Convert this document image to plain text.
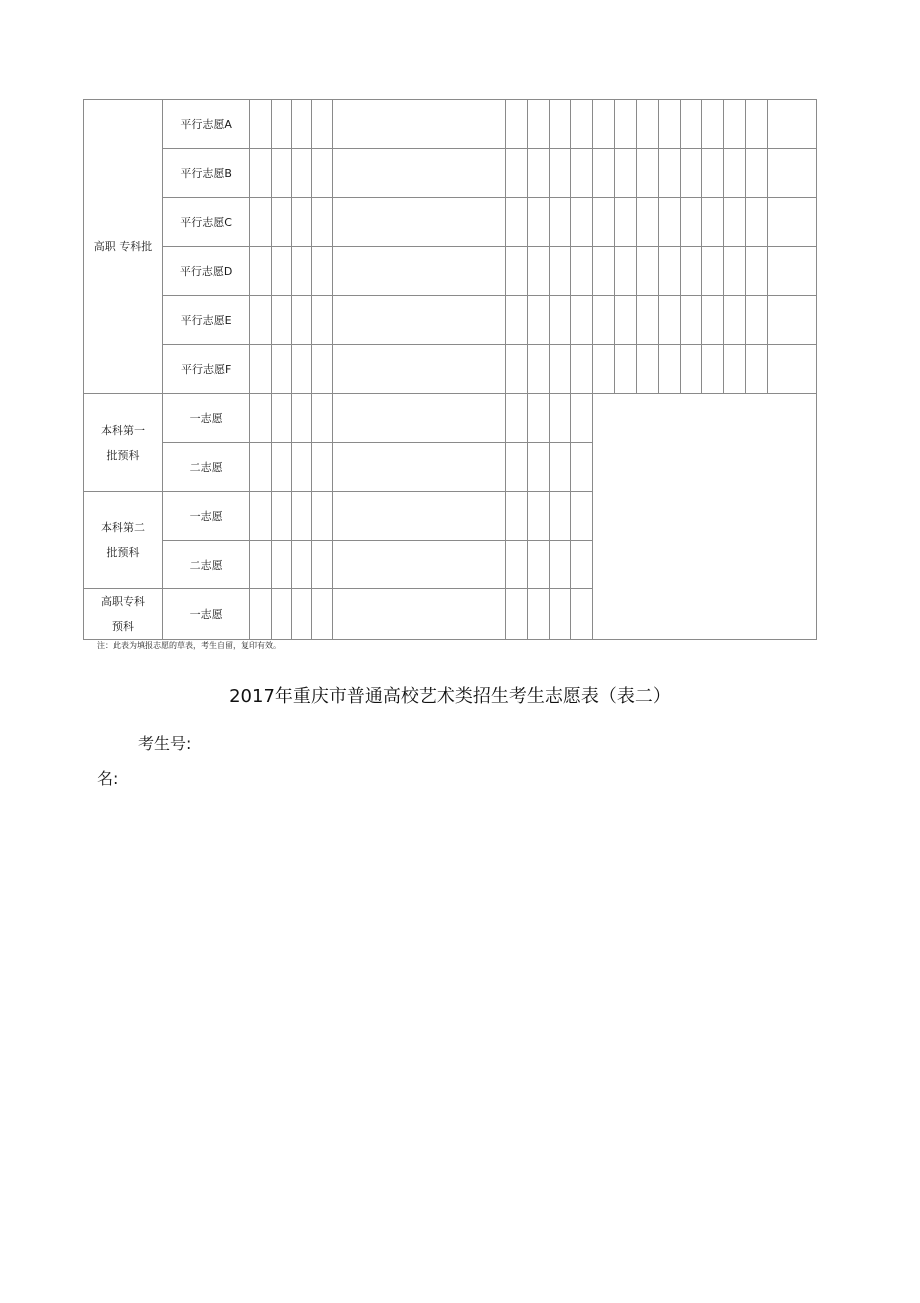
高职 专科批	平行志愿A																		
	平行志愿B																		
	平行志愿C																		
	平行志愿D																		
	平行志愿E																		
	平行志愿F																		
本科第一
批预科	一志愿																		
	二志愿																		
本科第二
批预科	一志愿																		
	二志愿																		
高职专科
预科	一志愿																		

注：此表为填报志愿的草表，考生自留，复印有效。

2017年重庆市普通高校艺术类招生考生志愿表（表二）

考生号:

名:
